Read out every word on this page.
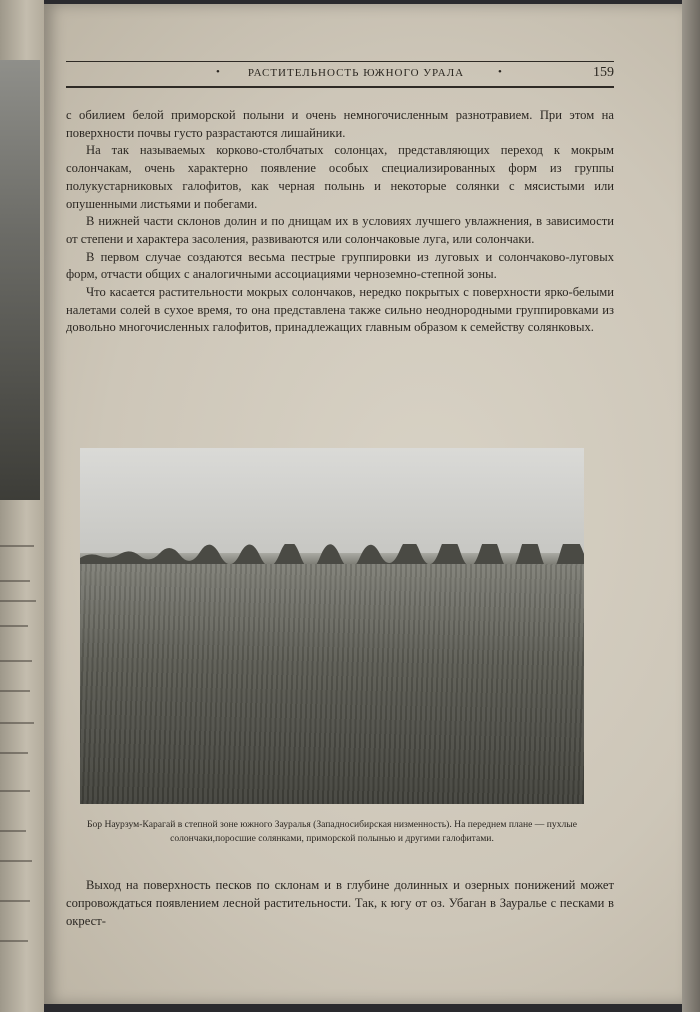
•	РАСТИТЕЛЬНОСТЬ ЮЖНОГО УРАЛА	•	159

с обилием белой приморской полыни и очень немногочисленным разнотравием. При этом на поверхности почвы густо разрастаются лишайники.

На так называемых корково-столбчатых солонцах, представляющих переход к мокрым солончакам, очень характерно появление особых специализированных форм из группы полукустарниковых галофитов, как черная полынь и некоторые солянки с мясистыми или опушенными листьями и побегами.

В нижней части склонов долин и по днищам их в условиях лучшего увлажнения, в зависимости от степени и характера засоления, развиваются или солончаковые луга, или солончаки.

В первом случае создаются весьма пестрые группировки из луговых и солончаково-луговых форм, отчасти общих с аналогичными ассоциациями черноземно-степной зоны.

Что касается растительности мокрых солончаков, нередко покрытых с поверхности ярко-белыми налетами солей в сухое время, то она представлена также сильно неоднородными группировками из довольно многочисленных галофитов, принадлежащих главным образом к семейству солянковых.

Бор Наурзум-Карагай в степной зоне южного Зауралья (Западносибирская низменность). На переднем плане — пухлые солончаки,поросшие солянками, приморской полынью и другими галофитами.
Выход на поверхность песков по склонам и в глубине долинных и озерных понижений может сопровождаться появлением лесной растительности. Так, к югу от оз. Убаган в Зауралье с песками в окрест-
